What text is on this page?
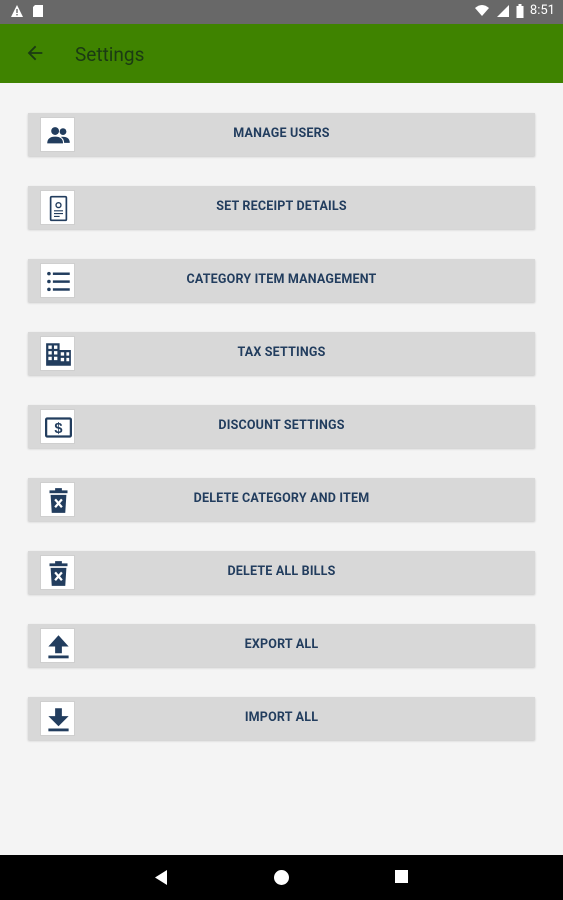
8:51
Settings
MANAGE USERS
SET RECEIPT DETAILS
CATEGORY ITEM MANAGEMENT
TAX SETTINGS
$	DISCOUNT SETTINGS
DELETE CATEGORY AND ITEM
DELETE ALL BILLS
EXPORT ALL
IMPORT ALL
